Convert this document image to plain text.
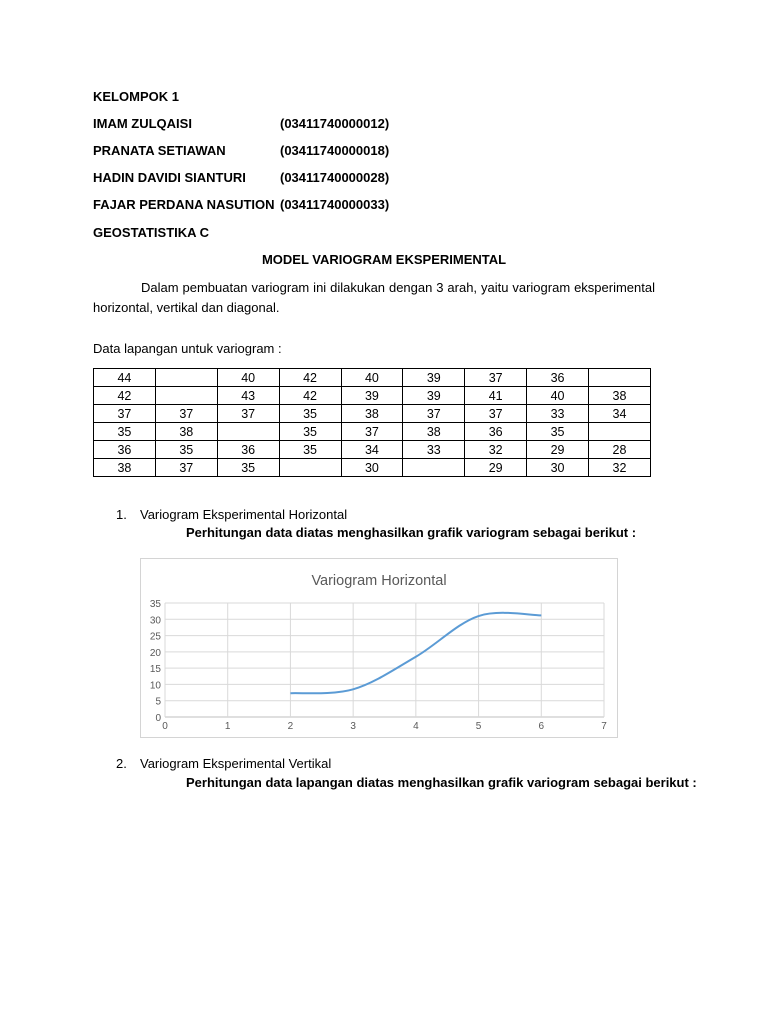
KELOMPOK 1
IMAM ZULQAISI	(03411740000012)
PRANATA SETIAWAN	(03411740000018)
HADIN DAVIDI SIANTURI	(03411740000028)
FAJAR PERDANA NASUTION (03411740000033)
GEOSTATISTIKA C
MODEL VARIOGRAM EKSPERIMENTAL
Dalam pembuatan variogram ini dilakukan dengan 3 arah, yaitu variogram eksperimental horizontal, vertikal dan diagonal.
Data lapangan untuk variogram :
44		40	42	40	39	37	36	
42		43	42	39	39	41	40	38
37	37	37	35	38	37	37	33	34
35	38		35	37	38	36	35	
36	35	36	35	34	33	32	29	28
38	37	35		30		29	30	32
1. Variogram Eksperimental Horizontal
Perhitungan data diatas menghasilkan grafik variogram sebagai berikut :
Variogram Horizontal
0
5
10
15
20
25
30
35
0	1	2	3	4	5	6	7
2. Variogram Eksperimental Vertikal
Perhitungan data lapangan diatas menghasilkan grafik variogram sebagai berikut :
